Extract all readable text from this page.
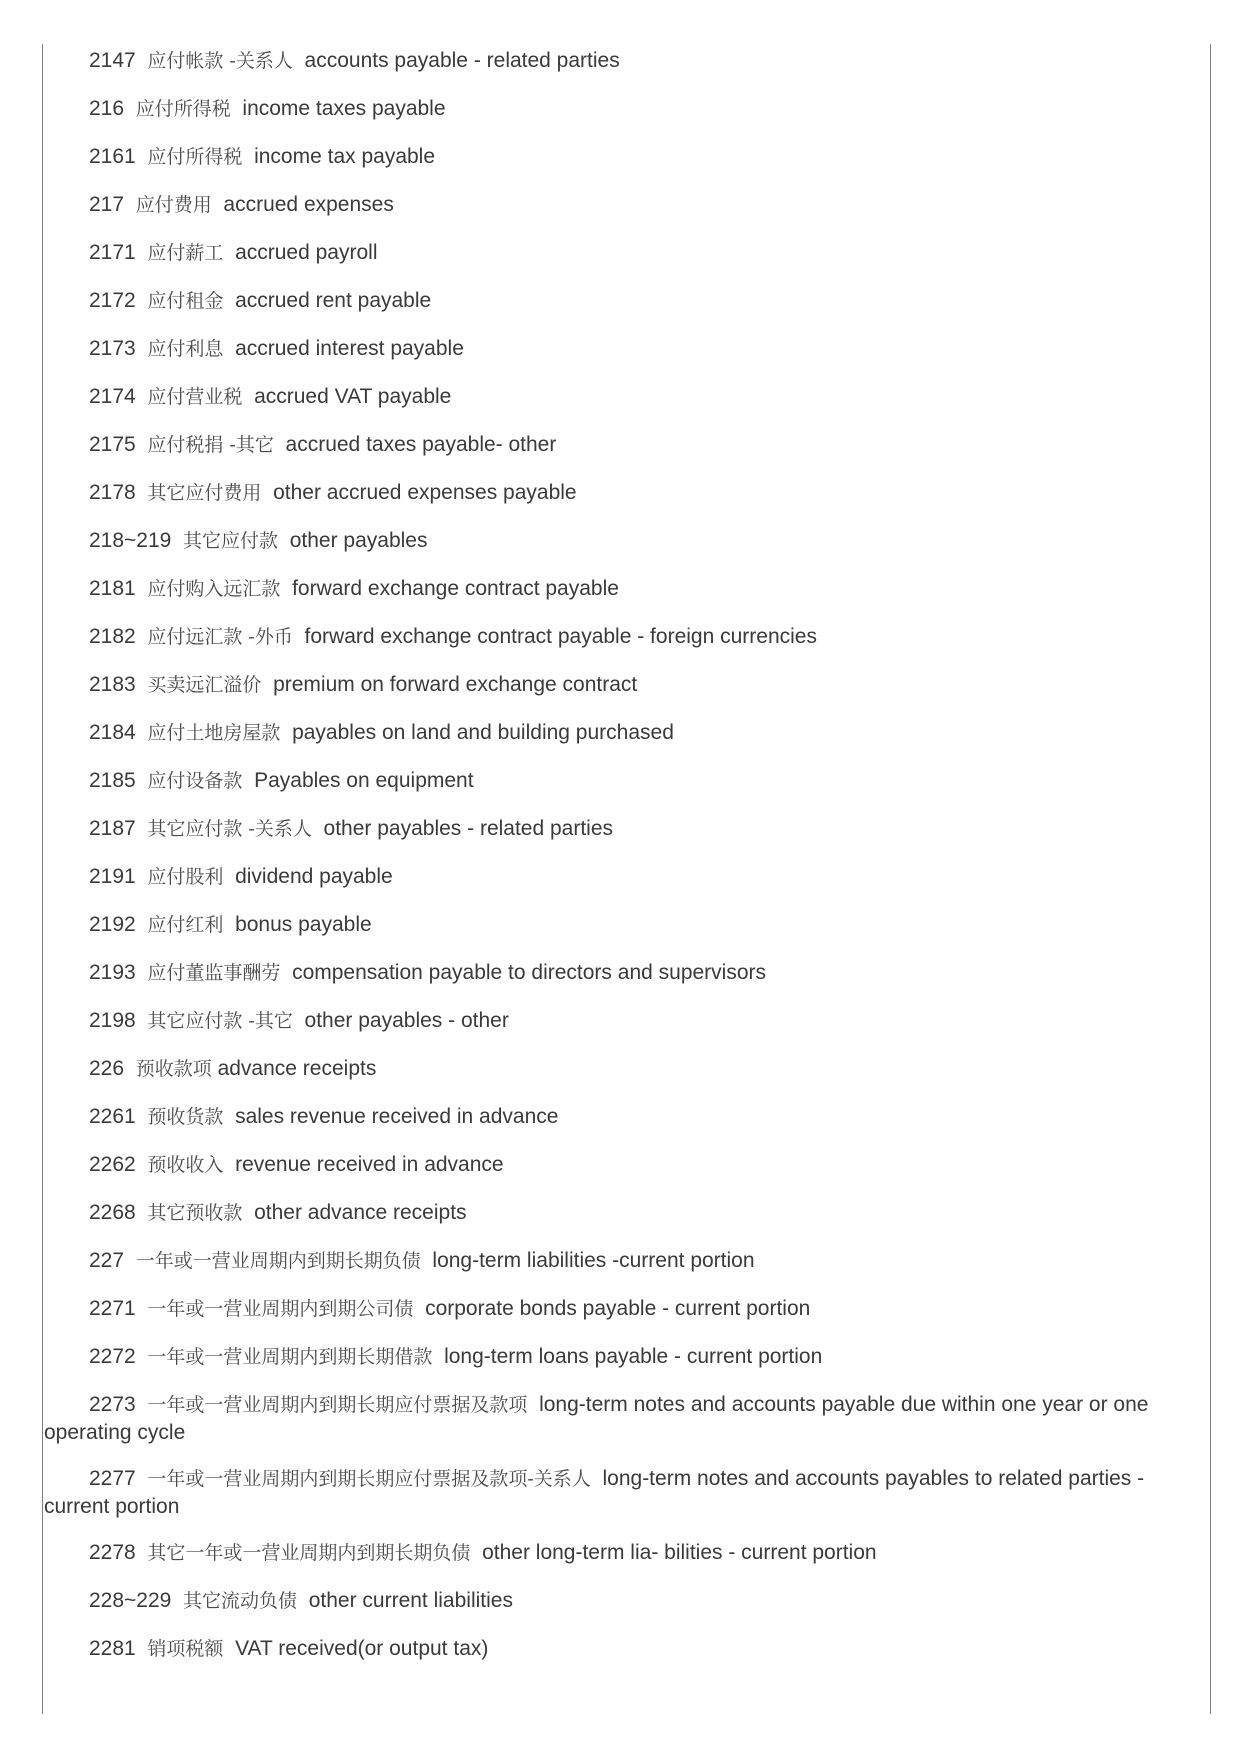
2147 应付帐款 -关系人 accounts payable - related parties

216 应付所得税 income taxes payable

2161 应付所得税 income tax payable

217 应付费用 accrued expenses

2171 应付薪工 accrued payroll

2172 应付租金 accrued rent payable

2173 应付利息 accrued interest payable

2174 应付营业税 accrued VAT payable

2175 应付税捐 -其它 accrued taxes payable- other

2178 其它应付费用 other accrued expenses payable

218~219 其它应付款 other payables

2181 应付购入远汇款 forward exchange contract payable

2182 应付远汇款 -外币 forward exchange contract payable - foreign currencies

2183 买卖远汇溢价 premium on forward exchange contract

2184 应付土地房屋款 payables on land and building purchased

2185 应付设备款 Payables on equipment

2187 其它应付款 -关系人 other payables - related parties

2191 应付股利 dividend payable

2192 应付红利 bonus payable

2193 应付董监事酬劳 compensation payable to directors and supervisors

2198 其它应付款 -其它 other payables - other

226 预收款项 advance receipts

2261 预收货款 sales revenue received in advance

2262 预收收入 revenue received in advance

2268 其它预收款 other advance receipts

227 一年或一营业周期内到期长期负债 long-term liabilities -current portion

2271 一年或一营业周期内到期公司债 corporate bonds payable - current portion

2272 一年或一营业周期内到期长期借款 long-term loans payable - current portion

2273 一年或一营业周期内到期长期应付票据及款项 long-term notes and accounts payable due within one year or one operating cycle

2277 一年或一营业周期内到期长期应付票据及款项-关系人 long-term notes and accounts payables to related parties - current portion

2278 其它一年或一营业周期内到期长期负债 other long-term lia- bilities - current portion

228~229 其它流动负债 other current liabilities

2281 销项税额 VAT received(or output tax)
